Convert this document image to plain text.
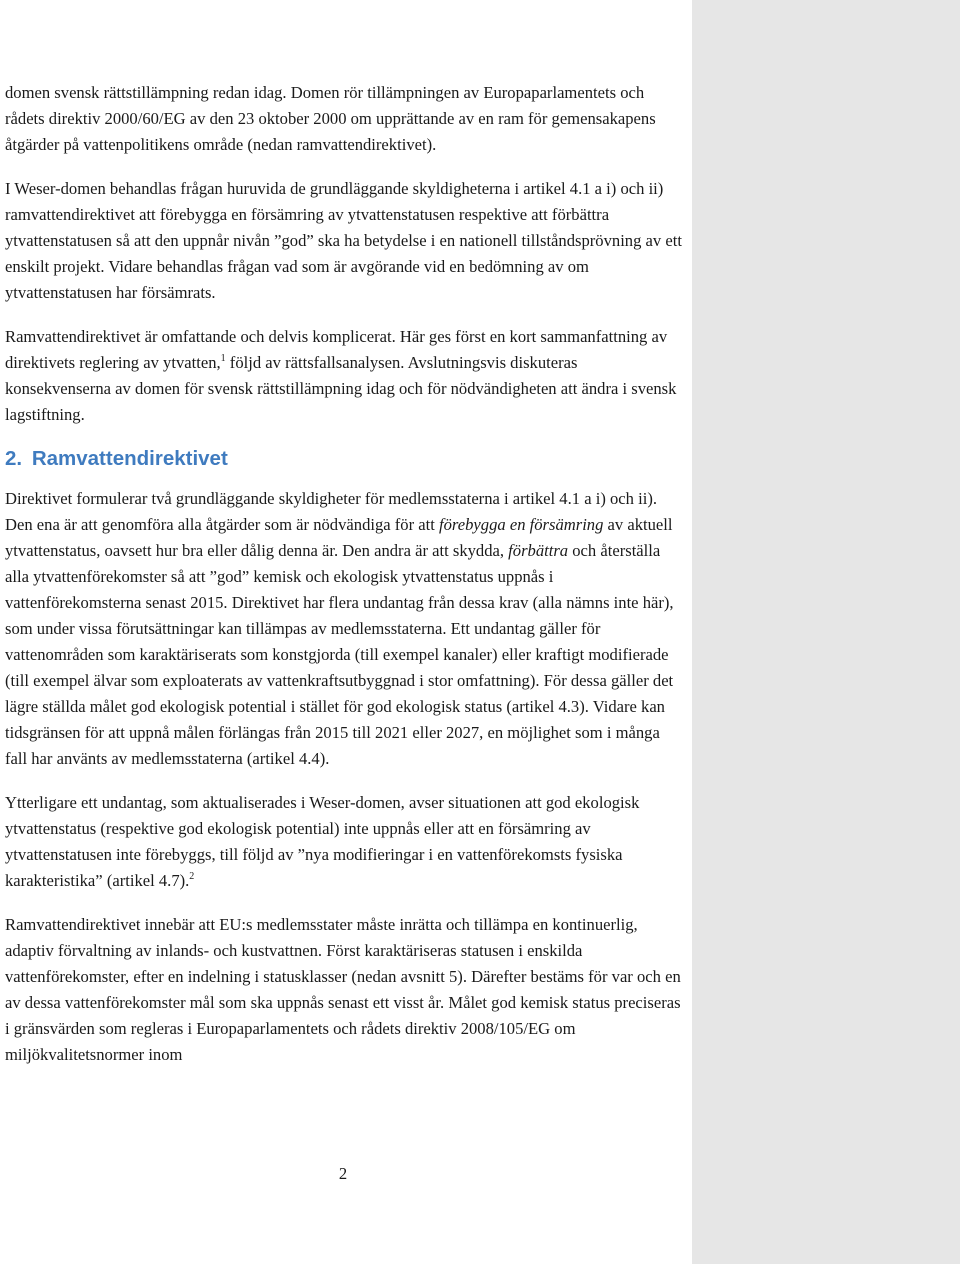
domen svensk rättstillämpning redan idag. Domen rör tillämpningen av Europaparlamentets och rådets direktiv 2000/60/EG av den 23 oktober 2000 om upprättande av en ram för gemensakapens åtgärder på vattenpolitikens område (nedan ramvattendirektivet).

I Weser-domen behandlas frågan huruvida de grundläggande skyldigheterna i artikel 4.1 a i) och ii) ramvattendirektivet att förebygga en försämring av ytvattenstatusen respektive att förbättra ytvattenstatusen så att den uppnår nivån ”god” ska ha betydelse i en nationell tillståndsprövning av ett enskilt projekt. Vidare behandlas frågan vad som är avgörande vid en bedömning av om ytvattenstatusen har försämrats.

Ramvattendirektivet är omfattande och delvis komplicerat. Här ges först en kort sammanfattning av direktivets reglering av ytvatten,$^1$ följd av rättsfallsanalysen. Avslutningsvis diskuteras konsekvenserna av domen för svensk rättstillämpning idag och för nödvändigheten att ändra i svensk lagstiftning.

2. Ramvattendirektivet

Direktivet formulerar två grundläggande skyldigheter för medlemsstaterna i artikel 4.1 a i) och ii). Den ena är att genomföra alla åtgärder som är nödvändiga för att förebygga en försämring av aktuell ytvattenstatus, oavsett hur bra eller dålig denna är. Den andra är att skydda, förbättra och återställa alla ytvattenförekomster så att ”god” kemisk och ekologisk ytvattenstatus uppnås i vattenförekomsterna senast 2015. Direktivet har flera undantag från dessa krav (alla nämns inte här), som under vissa förutsättningar kan tillämpas av medlemsstaterna. Ett undantag gäller för vattenområden som karaktäriserats som konstgjorda (till exempel kanaler) eller kraftigt modifierade (till exempel älvar som exploaterats av vattenkraftsutbyggnad i stor omfattning). För dessa gäller det lägre ställda målet god ekologisk potential i stället för god ekologisk status (artikel 4.3). Vidare kan tidsgränsen för att uppnå målen förlängas från 2015 till 2021 eller 2027, en möjlighet som i många fall har använts av medlemsstaterna (artikel 4.4).

Ytterligare ett undantag, som aktualiserades i Weser-domen, avser situationen att god ekologisk ytvattenstatus (respektive god ekologisk potential) inte uppnås eller att en försämring av ytvattenstatusen inte förebyggs, till följd av ”nya modifieringar i en vattenförekomsts fysiska karakteristika” (artikel 4.7).$^2$

Ramvattendirektivet innebär att EU:s medlemsstater måste inrätta och tillämpa en kontinuerlig, adaptiv förvaltning av inlands- och kustvattnen. Först karaktäriseras statusen i enskilda vattenförekomster, efter en indelning i statusklasser (nedan avsnitt 5). Därefter bestäms för var och en av dessa vattenförekomster mål som ska uppnås senast ett visst år. Målet god kemisk status preciseras i gränsvärden som regleras i Europaparlamentets och rådets direktiv 2008/105/EG om miljökvalitetsnormer inom

2
